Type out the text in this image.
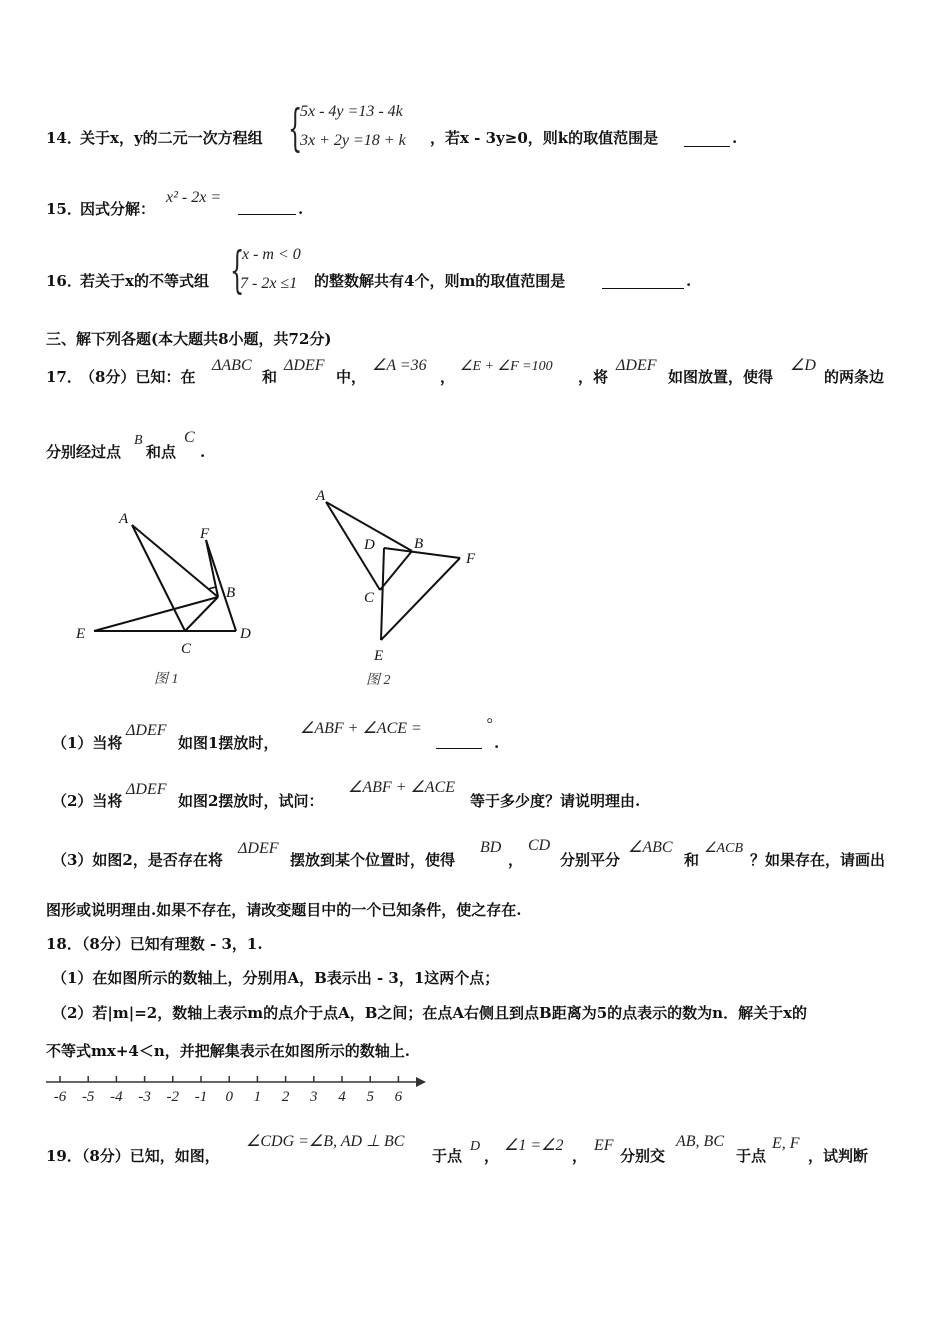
14．
关于x，y的二元一次方程组 {
5x - 4y =13 - 4k
3x + 2y =18 + k ，若x - 3y≥0，则k的取值范围是	.
15．
因式分解：
x² - 2x =
.
16．
若关于x的不等式组 {
x - m < 0
7 - 2x ≤1 的整数解共有4个，则m的取值范围是	.
三、解下列各题(本大题共8小题，共72分)
17．
（8分）已知：在
ΔABC
和
ΔDEF
中，
∠A =36
，
∠E + ∠F =100
，将
ΔDEF
如图放置，使得
∠D
的两条边
分别经过点
B
和点
C
.
A
F
B
E
C
D
图 1
A
D	B
F
C
E
图 2
（1）当将
ΔDEF
如图1摆放时，
∠ABF + ∠ACE =	°
.
（2）当将
ΔDEF
如图2摆放时，试问：
∠ABF + ∠ACE
等于多少度？请说明理由.
（3）如图2，是否存在将
ΔDEF
摆放到某个位置时，使得
BD
，
CD
分别平分
∠ABC
和
∠ACB
？如果存在，请画出
图形或说明理由.如果不存在，请改变题目中的一个已知条件，使之存在.
18．（8分）已知有理数 - 3，1.
（1）在如图所示的数轴上，分别用A，B表示出 - 3，1这两个点；
（2）若|m|=2，数轴上表示m的点介于点A，B之间；在点A右侧且到点B距离为5的点表示的数为n．解关于x的
不等式mx+4＜n，并把解集表示在如图所示的数轴上.
-6 -5 -4 -3 -2 -1 0 1 2 3 4 5 6
19．（8分）已知，如图，
∠CDG =∠B, AD ⊥ BC
于点
D
，
∠1 =∠2
，
EF
分别交
AB, BC
于点
E, F
，试判断
